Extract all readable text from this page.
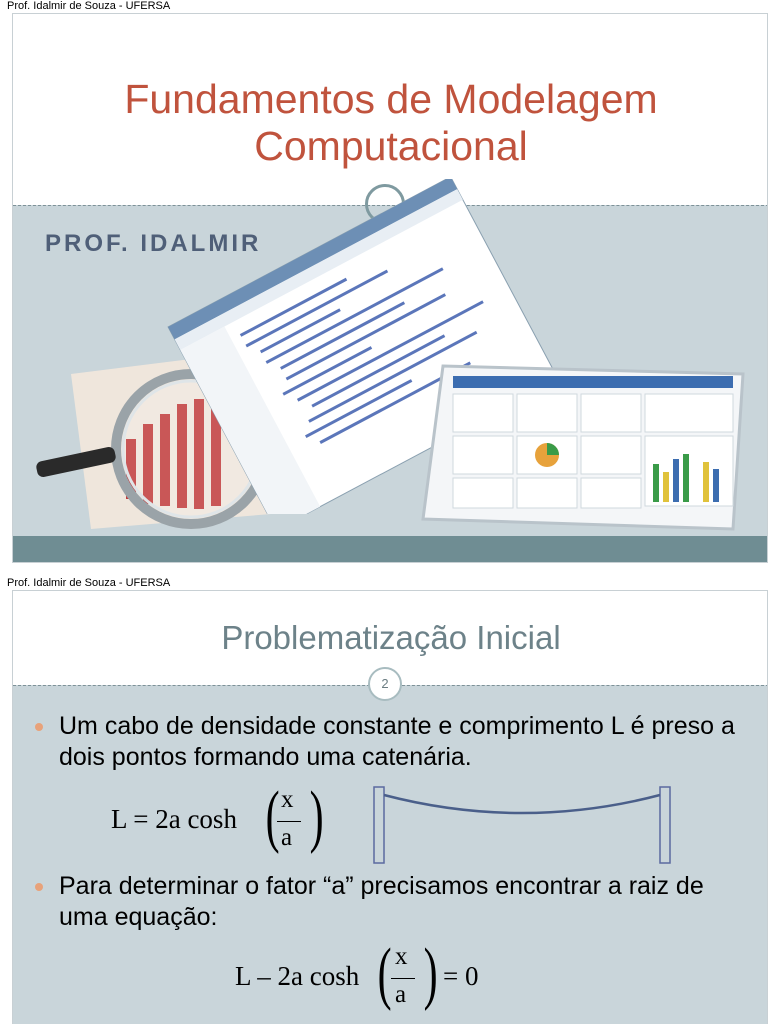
Prof. Idalmir de Souza - UFERSA
Fundamentos de Modelagem
Computacional
PROF. IDALMIR
Prof. Idalmir de Souza - UFERSA
Problematização Inicial
2
Um cabo de densidade constante e comprimento L é preso a dois pontos formando uma catenária.
L = 2a cosh ( x
a )
Para determinar o fator “a” precisamos encontrar a raiz de uma equação:
L – 2a cosh ( x
a ) = 0
